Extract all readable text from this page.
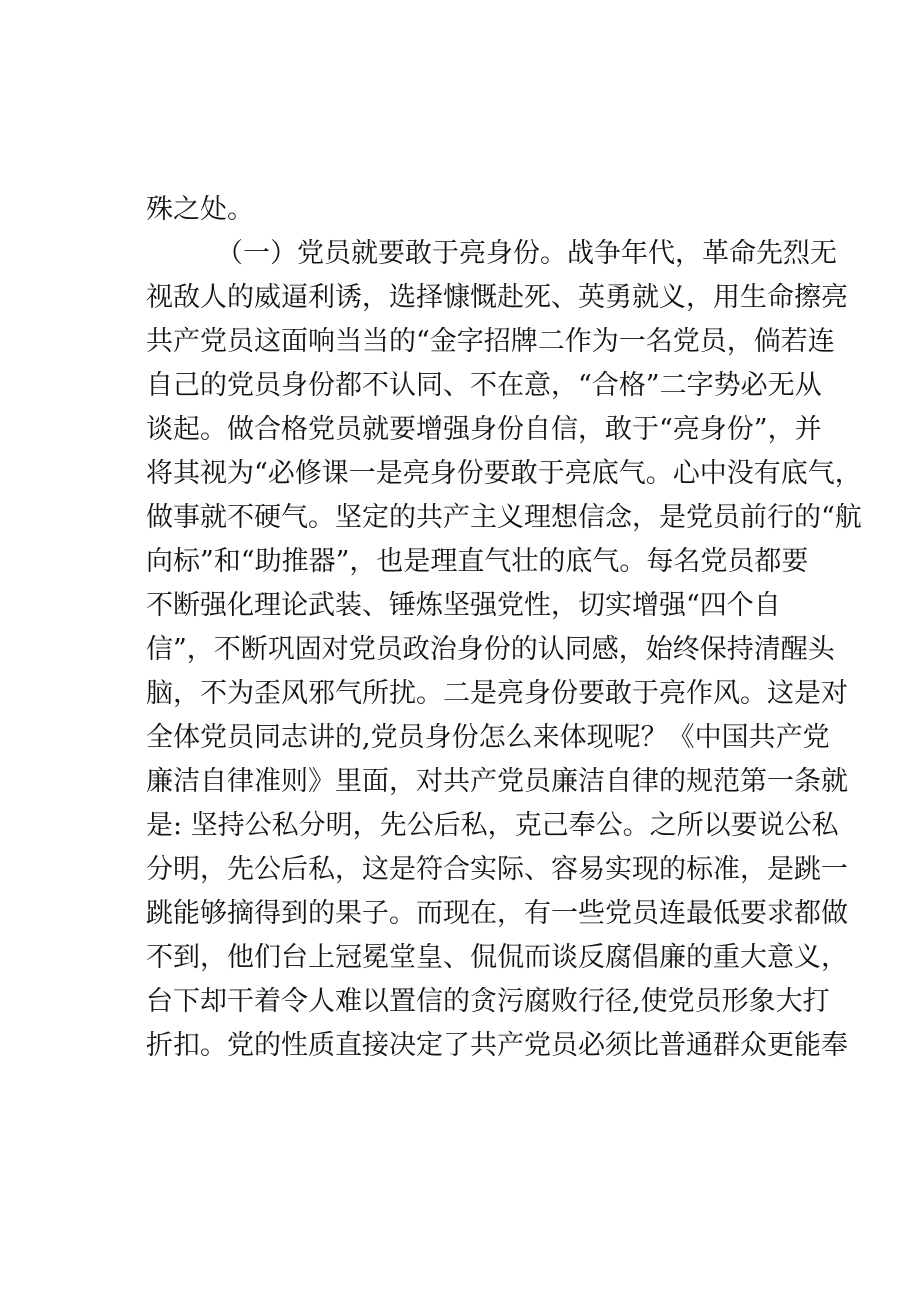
殊之处。
（一）党员就要敢于亮身份。战争年代，革命先烈无
视敌人的威逼利诱，选择慷慨赴死、英勇就义，用生命擦亮
共产党员这面响当当的“金字招牌二作为一名党员，倘若连
自己的党员身份都不认同、不在意，“合格”二字势必无从
谈起。做合格党员就要增强身份自信，敢于“亮身份”，并
将其视为“必修课一是亮身份要敢于亮底气。心中没有底气，
做事就不硬气。坚定的共产主义理想信念，是党员前行的“航
向标”和“助推器”，也是理直气壮的底气。每名党员都要
不断强化理论武装、锤炼坚强党性，切实增强“四个自
信”，不断巩固对党员政治身份的认同感，始终保持清醒头
脑，不为歪风邪气所扰。二是亮身份要敢于亮作风。这是对
全体党员同志讲的,党员身份怎么来体现呢？《中国共产党
廉洁自律准则》里面，对共产党员廉洁自律的规范第一条就
是: 坚持公私分明，先公后私，克己奉公。之所以要说公私
分明，先公后私，这是符合实际、容易实现的标准，是跳一
跳能够摘得到的果子。而现在，有一些党员连最低要求都做
不到，他们台上冠冕堂皇、侃侃而谈反腐倡廉的重大意义，
台下却干着令人难以置信的贪污腐败行径,使党员形象大打
折扣。党的性质直接决定了共产党员必须比普通群众更能奉
